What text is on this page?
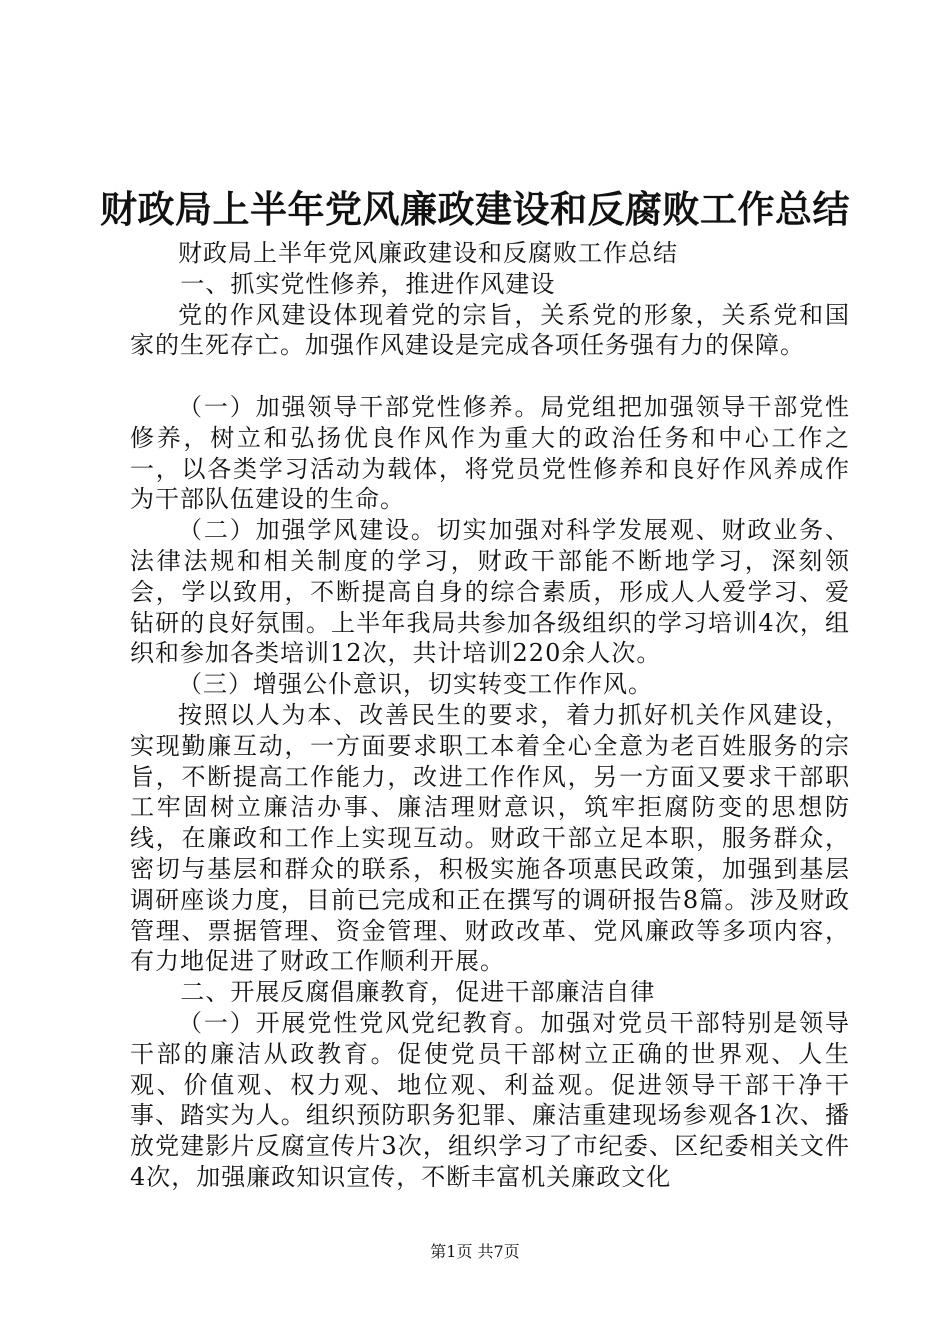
财政局上半年党风廉政建设和反腐败工作总结

财政局上半年党风廉政建设和反腐败工作总结

一、抓实党性修养，推进作风建设

党的作风建设体现着党的宗旨，关系党的形象，关系党和国家的生死存亡。加强作风建设是完成各项任务强有力的保障。

（一）加强领导干部党性修养。局党组把加强领导干部党性修养，树立和弘扬优良作风作为重大的政治任务和中心工作之一，以各类学习活动为载体，将党员党性修养和良好作风养成作为干部队伍建设的生命。

（二）加强学风建设。切实加强对科学发展观、财政业务、法律法规和相关制度的学习，财政干部能不断地学习，深刻领会，学以致用，不断提高自身的综合素质，形成人人爱学习、爱钻研的良好氛围。上半年我局共参加各级组织的学习培训4次，组织和参加各类培训12次，共计培训220余人次。

（三）增强公仆意识，切实转变工作作风。

按照以人为本、改善民生的要求，着力抓好机关作风建设，实现勤廉互动，一方面要求职工本着全心全意为老百姓服务的宗旨，不断提高工作能力，改进工作作风，另一方面又要求干部职工牢固树立廉洁办事、廉洁理财意识，筑牢拒腐防变的思想防线，在廉政和工作上实现互动。财政干部立足本职，服务群众，密切与基层和群众的联系，积极实施各项惠民政策，加强到基层调研座谈力度，目前已完成和正在撰写的调研报告8篇。涉及财政管理、票据管理、资金管理、财政改革、党风廉政等多项内容，有力地促进了财政工作顺利开展。

二、开展反腐倡廉教育，促进干部廉洁自律

（一）开展党性党风党纪教育。加强对党员干部特别是领导干部的廉洁从政教育。促使党员干部树立正确的世界观、人生观、价值观、权力观、地位观、利益观。促进领导干部干净干事、踏实为人。组织预防职务犯罪、廉洁重建现场参观各1次、播放党建影片反腐宣传片3次，组织学习了市纪委、区纪委相关文件4次，加强廉政知识宣传，不断丰富机关廉政文化

第1页 共7页
